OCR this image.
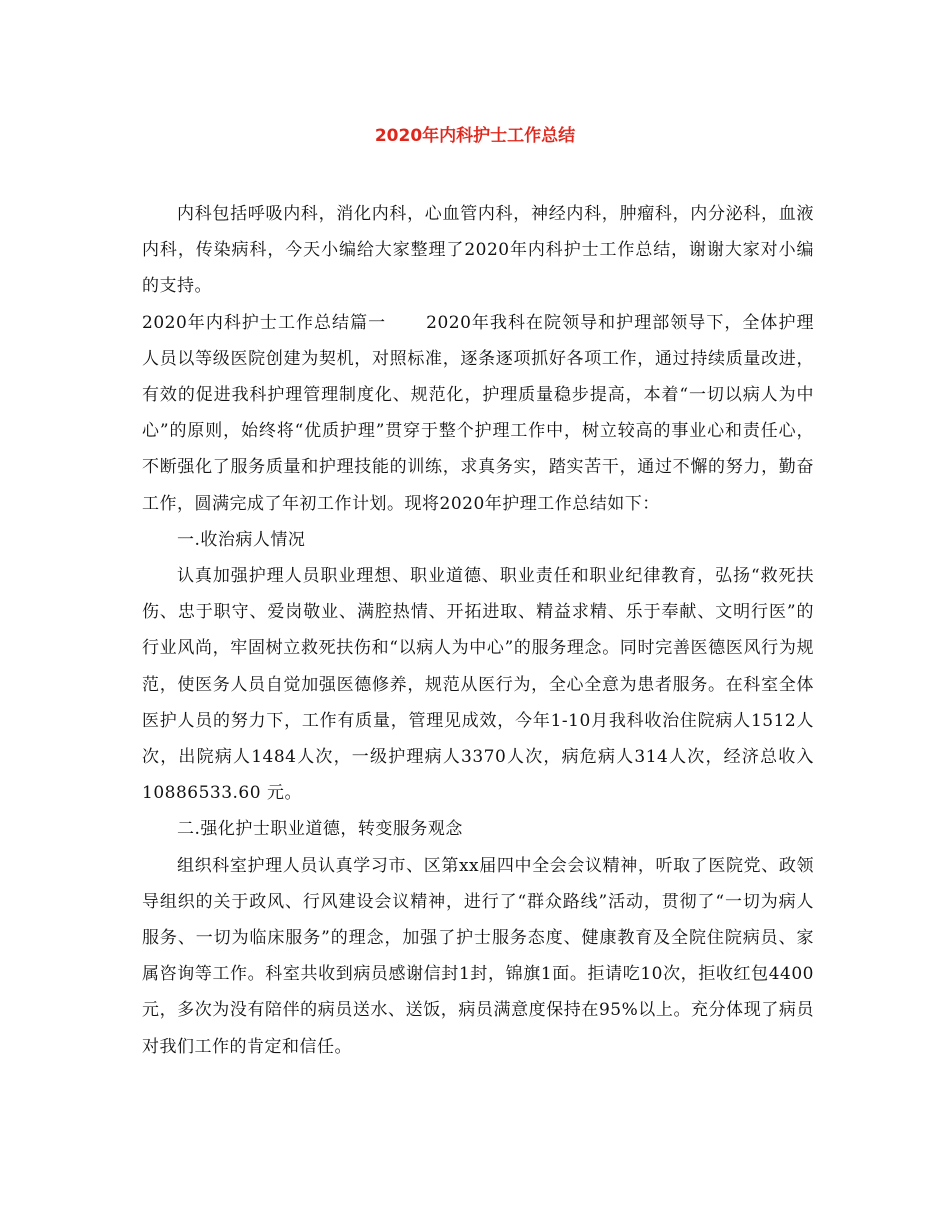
2020年内科护士工作总结

内科包括呼吸内科，消化内科，心血管内科，神经内科，肿瘤科，内分泌科，血液内科，传染病科，今天小编给大家整理了2020年内科护士工作总结，谢谢大家对小编的支持。

2020年内科护士工作总结篇一 2020年我科在院领导和护理部领导下，全体护理人员以等级医院创建为契机，对照标准，逐条逐项抓好各项工作，通过持续质量改进，有效的促进我科护理管理制度化、规范化，护理质量稳步提高，本着“一切以病人为中心”的原则，始终将“优质护理”贯穿于整个护理工作中，树立较高的事业心和责任心，不断强化了服务质量和护理技能的训练，求真务实，踏实苦干，通过不懈的努力，勤奋工作，圆满完成了年初工作计划。现将2020年护理工作总结如下：

一.收治病人情况

认真加强护理人员职业理想、职业道德、职业责任和职业纪律教育，弘扬“救死扶伤、忠于职守、爱岗敬业、满腔热情、开拓进取、精益求精、乐于奉献、文明行医”的行业风尚，牢固树立救死扶伤和“以病人为中心”的服务理念。同时完善医德医风行为规范，使医务人员自觉加强医德修养，规范从医行为，全心全意为患者服务。在科室全体医护人员的努力下，工作有质量，管理见成效，今年1-10月我科收治住院病人1512人次，出院病人1484人次，一级护理病人3370人次，病危病人314人次，经济总收入10886533.60 元。

二.强化护士职业道德，转变服务观念

组织科室护理人员认真学习市、区第xx届四中全会会议精神，听取了医院党、政领导组织的关于政风、行风建设会议精神，进行了“群众路线”活动，贯彻了“一切为病人服务、一切为临床服务”的理念，加强了护士服务态度、健康教育及全院住院病员、家属咨询等工作。科室共收到病员感谢信封1封，锦旗1面。拒请吃10次，拒收红包4400元，多次为没有陪伴的病员送水、送饭，病员满意度保持在95%以上。充分体现了病员对我们工作的肯定和信任。
